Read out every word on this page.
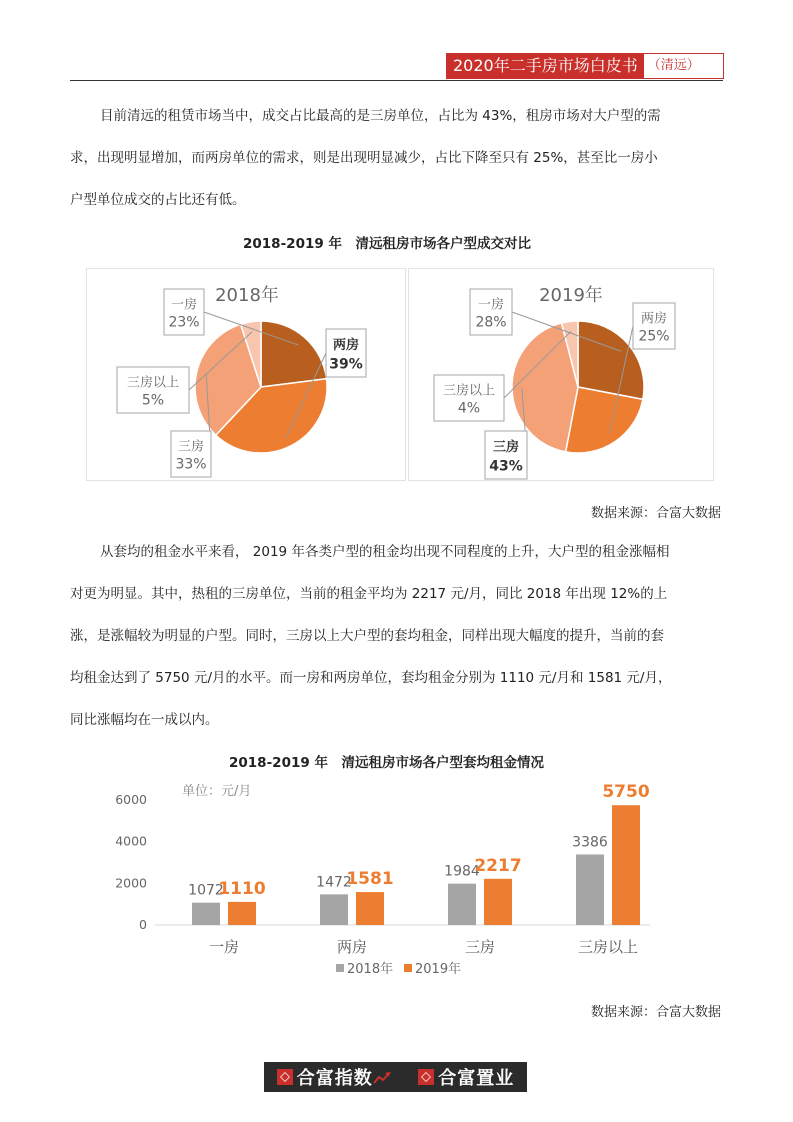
2020年二手房市场白皮书 （清远）
目前清远的租赁市场当中，成交占比最高的是三房单位，占比为 43%，租房市场对大户型的需
求，出现明显增加，而两房单位的需求，则是出现明显减少，占比下降至只有 25%，甚至比一房小
户型单位成交的占比还有低。
2018-2019 年　清远租房市场各户型成交对比
2018年
一房
23%
两房
39%
三房
33%
三房以上
5%
2019年
一房
28%	两房
25%
三房
43%
三房以上
4%
数据来源：合富大数据
从套均的租金水平来看， 2019 年各类户型的租金均出现不同程度的上升，大户型的租金涨幅相
对更为明显。其中，热租的三房单位，当前的租金平均为 2217 元/月，同比 2018 年出现 12%的上
涨，是涨幅较为明显的户型。同时，三房以上大户型的套均租金，同样出现大幅度的提升，当前的套
均租金达到了 5750 元/月的水平。而一房和两房单位，套均租金分别为 1110 元/月和 1581 元/月，
同比涨幅均在一成以内。
2018-2019 年　清远租房市场各户型套均租金情况
单位：元/月
0
2000
4000
6000
1072
1110
一房
1472
1581
两房
1984
2217
三房
3386
5750
三房以上
2018年 2019年
数据来源：合富大数据
合富指数	合富置业
